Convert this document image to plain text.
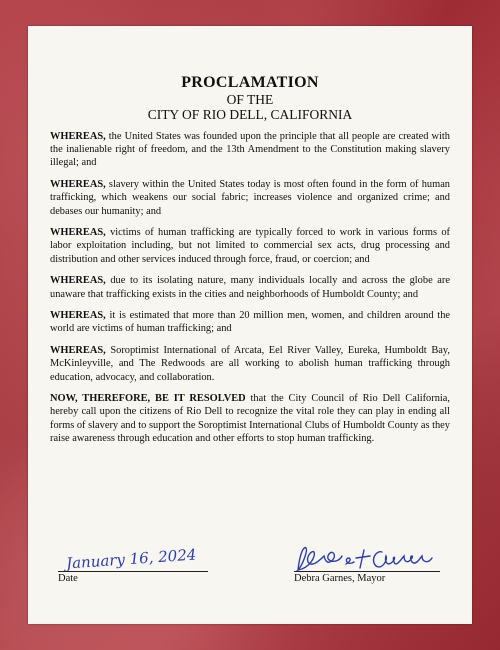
PROCLAMATION
OF THE
CITY OF RIO DELL, CALIFORNIA

WHEREAS, the United States was founded upon the principle that all people are created with the inalienable right of freedom, and the 13th Amendment to the Constitution making slavery illegal; and

WHEREAS, slavery within the United States today is most often found in the form of human trafficking, which weakens our social fabric; increases violence and organized crime; and debases our humanity; and

WHEREAS, victims of human trafficking are typically forced to work in various forms of labor exploitation including, but not limited to commercial sex acts, drug processing and distribution and other services induced through force, fraud, or coercion; and

WHEREAS, due to its isolating nature, many individuals locally and across the globe are unaware that trafficking exists in the cities and neighborhoods of Humboldt County; and

WHEREAS, it is estimated that more than 20 million men, women, and children around the world are victims of human trafficking; and

WHEREAS, Soroptimist International of Arcata, Eel River Valley, Eureka, Humboldt Bay, McKinleyville, and The Redwoods are all working to abolish human trafficking through education, advocacy, and collaboration.

NOW, THEREFORE, BE IT RESOLVED that the City Council of Rio Dell California, hereby call upon the citizens of Rio Dell to recognize the vital role they can play in ending all forms of slavery and to support the Soroptimist International Clubs of Humboldt County as they raise awareness through education and other efforts to stop human trafficking.

January 16, 2024
Date	Debra Garnes, Mayor
